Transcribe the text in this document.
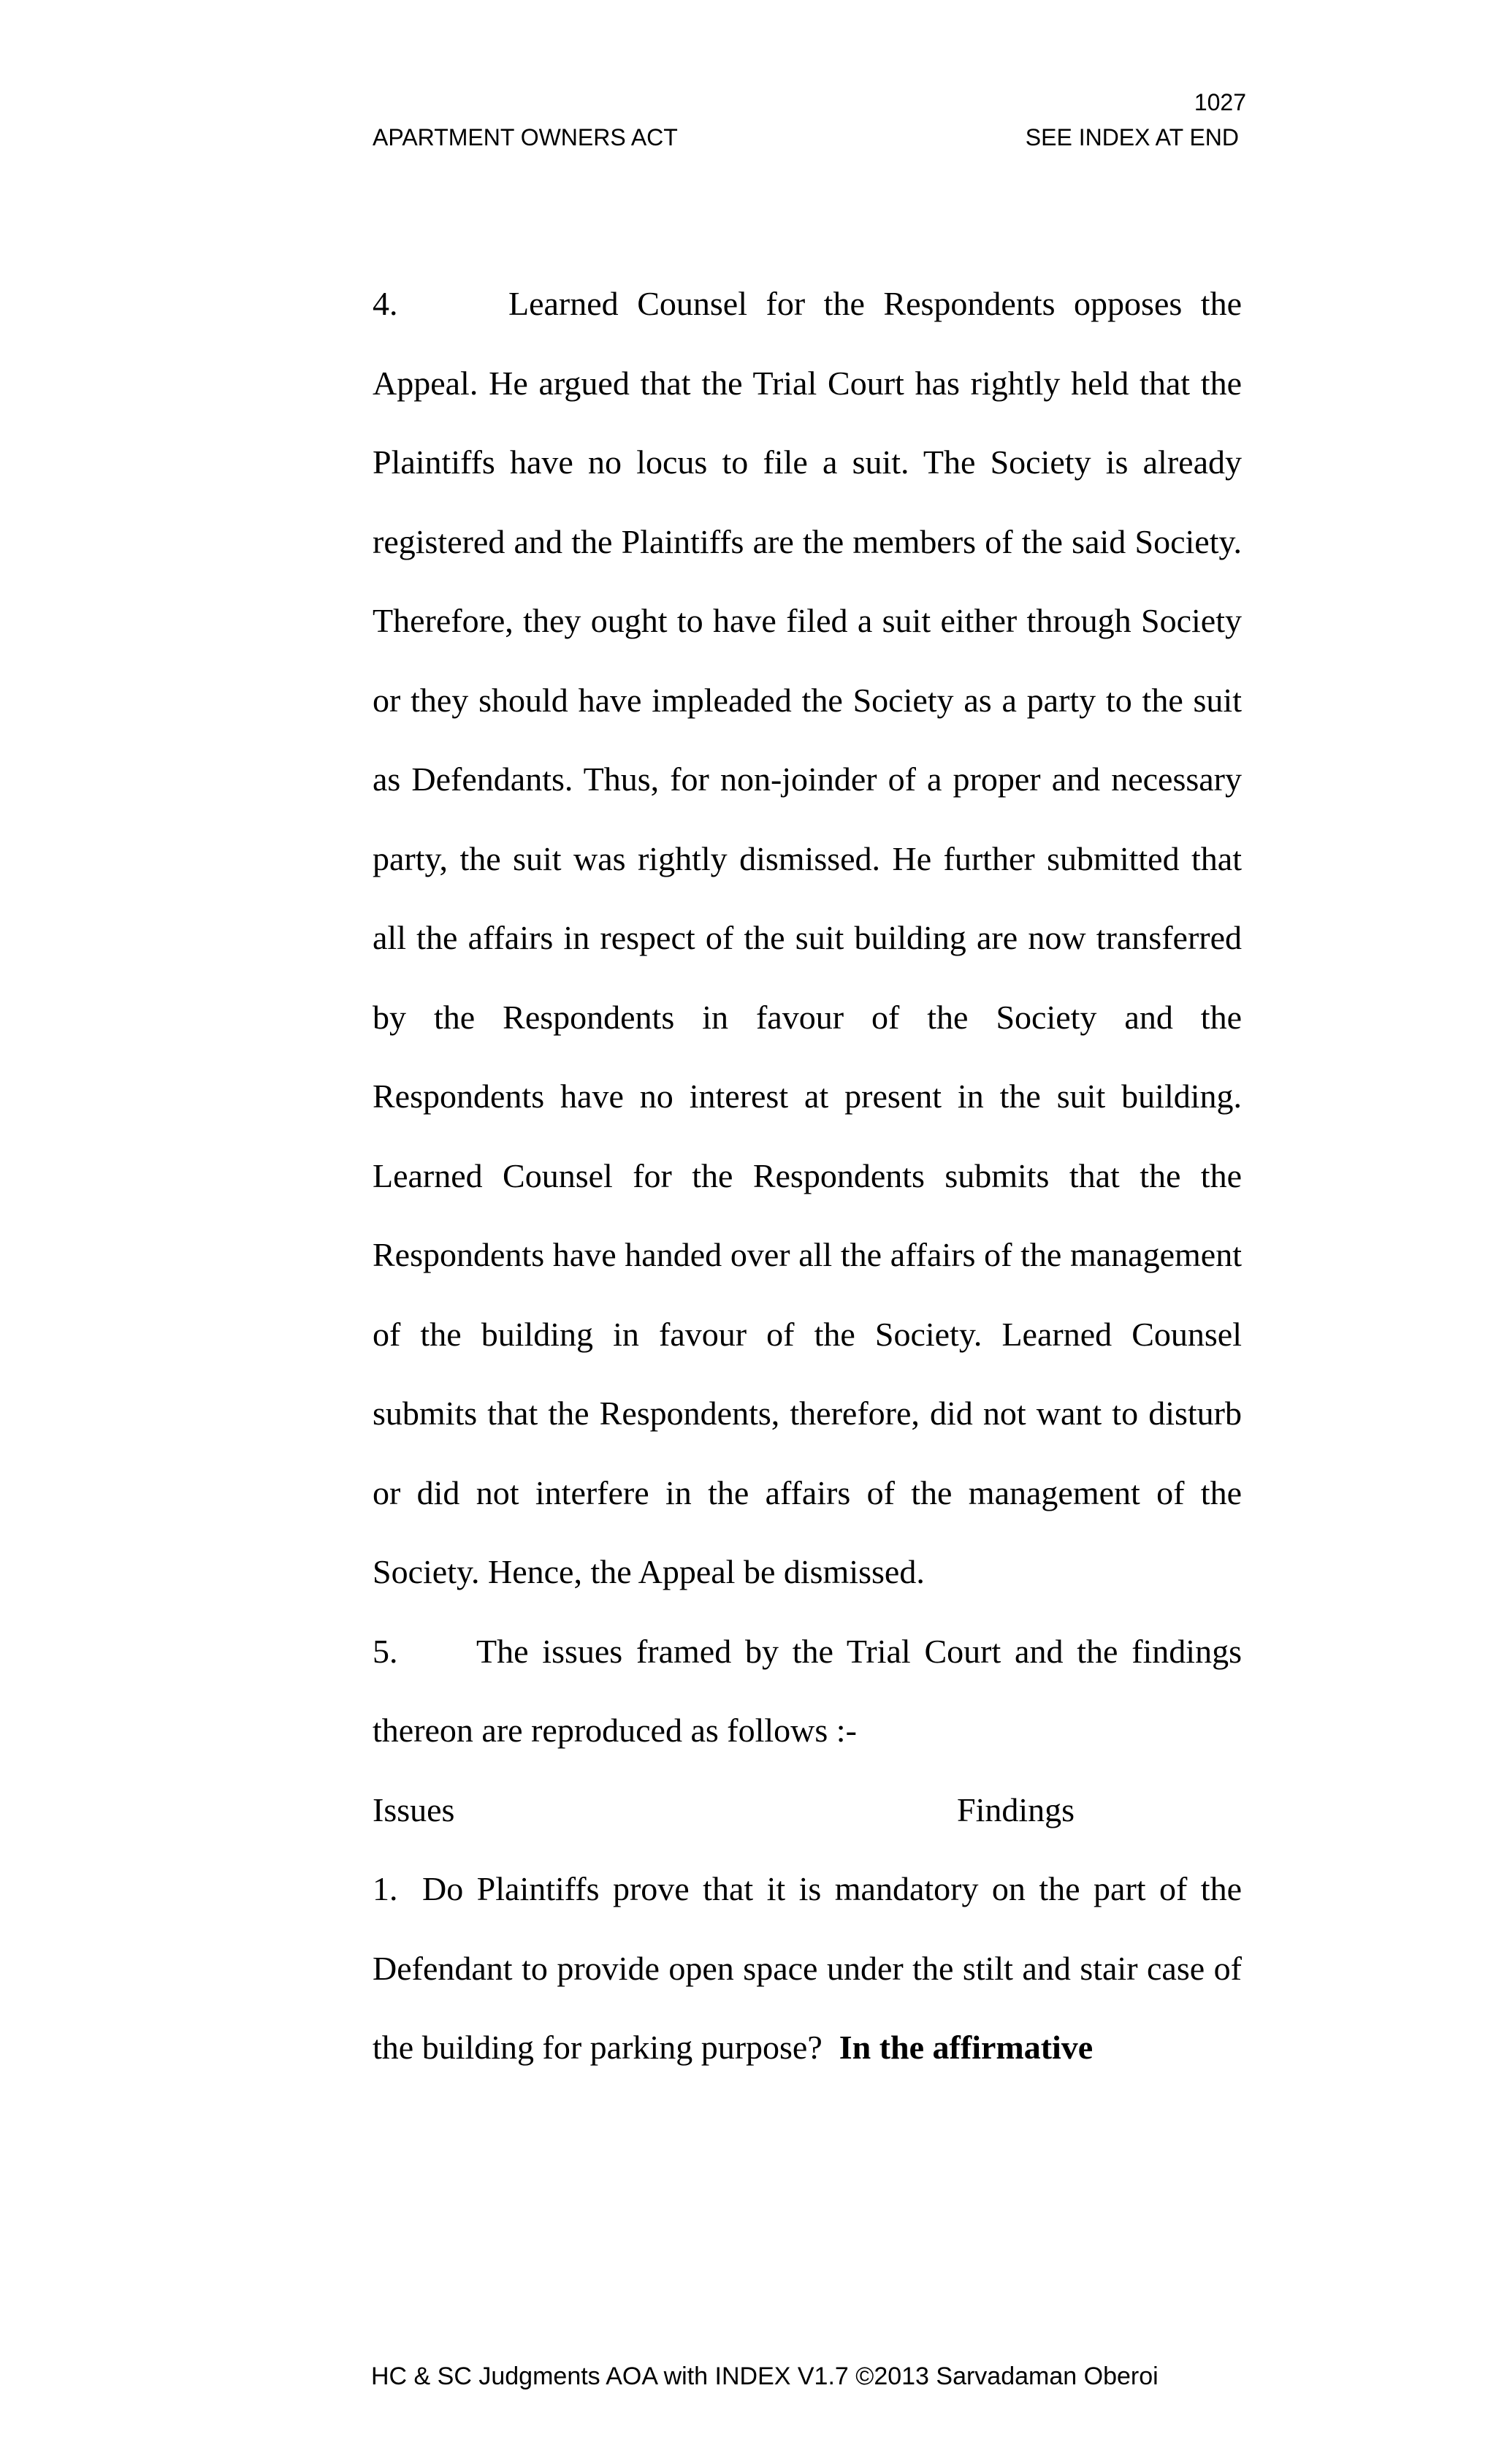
1027
APARTMENT OWNERS ACT	SEE INDEX AT END

4.	Learned Counsel for the Respondents opposes the Appeal. He argued that the Trial Court has rightly held that the Plaintiffs have no locus to file a suit. The Society is already registered and the Plaintiffs are the members of the said Society. Therefore, they ought to have filed a suit either through Society or they should have impleaded the Society as a party to the suit as Defendants. Thus, for non-joinder of a proper and necessary party, the suit was rightly dismissed. He further submitted that all the affairs in respect of the suit building are now transferred by the Respondents in favour of the Society and the Respondents have no interest at present in the suit building. Learned Counsel for the Respondents submits that the the Respondents have handed over all the affairs of the management of the building in favour of the Society. Learned Counsel submits that the Respondents, therefore, did not want to disturb or did not interfere in the affairs of the management of the Society. Hence, the Appeal be dismissed.

5. The issues framed by the Trial Court and the findings thereon are reproduced as follows :-

Issues	Findings

1. Do Plaintiffs prove that it is mandatory on the part of the Defendant to provide open space under the stilt and stair case of the building for parking purpose? In the affirmative

HC & SC Judgments AOA with INDEX V1.7 ©2013 Sarvadaman Oberoi
